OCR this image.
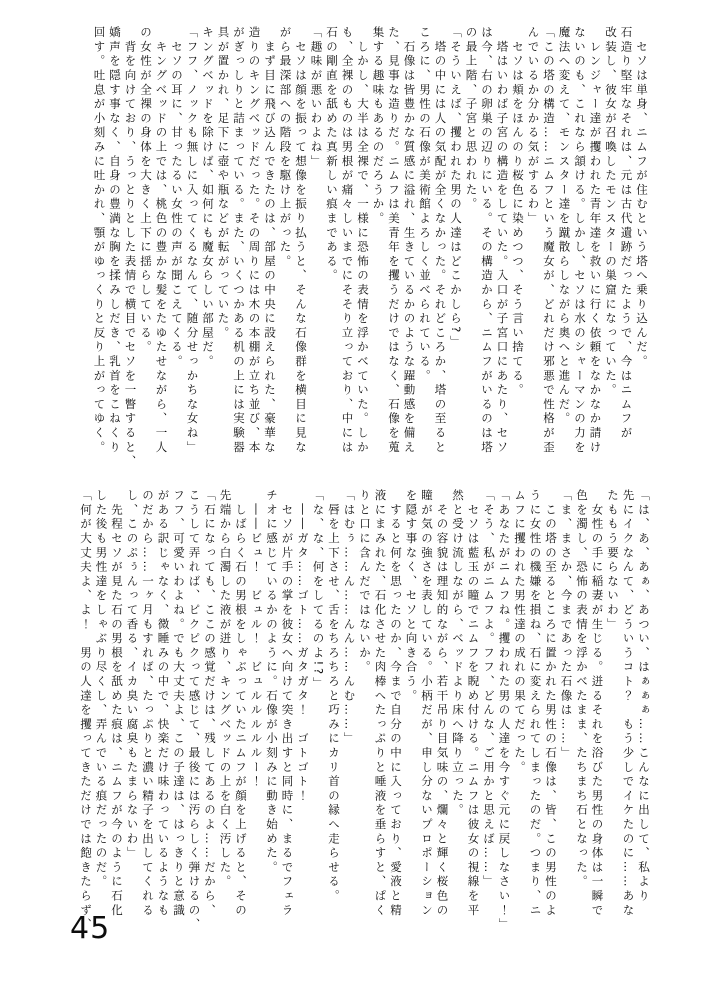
　セソは単身、ニムフが住むという塔へ乗り込んだ。
石造り堅牢なそれは、元は古代遺跡だったようで、今はニムフが
改装し、彼女が召喚したモンスターの巣窟になっていた。
　レンジャー達が攫われた青年達を救いに行く依頼をなかなか請け
ないのも、これなら頷ける。しかし、セソは水のシャーマンの力を
魔法へ変えて、モンスター達を蹴散らしながら奥へと進んだ。
「この塔の構造……ニムフという魔女が、どれだけ邪悪で性格が歪
んでいるか分かる気がするわ」
　セソは頬をほんのり桜色に染めつつ、そう言い捨てる。
　塔はいわば子宮の構造をしていた。入口が子宮口にあたり、セソ
は今、右の卵巣の辺りにいる。その構造から、ニムフがいるのは塔
の最上階、子宮と思われた。
「そういえば、攫われた男の人達はどこかしら?」
　塔の中には人の気配が全くなかった。それどころか、塔の至ると
ころに、男性の石像が美術館よろしく並べられている。
　石像は皆豊かな質感に溢れ、生きているかのような躍動感を備え
た、見事な造りだ。ニムフは美青年を攫うだけではなく、石像を蒐
集する趣味もあるのだろうか。
　しかし、大半は全裸で、一様に恐怖の表情を浮かべていた。しか
も、全裸のものは男根が痛々しいまでにそそり立っており、中には
石の剛直を舐めた真新しい痕まである。
「趣味が悪いわよね」
　セソは顔を振って想像を振り払うと、そんな石像群を横目に見な
がら最深部への階段を駆け上がった。
　まず目に飛び込んできたのは、部屋の中央に設えられた、豪華な
造りのキングベッドだった。その周りには木の本棚が立ち並び、本
がぎっしりと詰まっている。また、いくつかある机の上には実験器
具が置かれ、足下に壺や瓶などが転がっていた。
キングベッドを除けば、如何にも魔女らしい部屋だ。
「フフ、ノックも無しに入ってくるなんて、随分せっかちな女ね」
　セソの耳に、甘ったるい女性の声が聞こえてくる。
　キングベッドの上では、桃色の豊かな髪をたゆたせながら、一人
の女性が全裸の身体を大きく上下に揺らしている。
　背を向けており、うっとりとした表情で横目でセソを一瞥すると、
嬌声を隠す事なく、自身の豊満な胸を揉みしだき、乳首をこねくり
回す。吐息が小刻みに吐かれ、顎がゆっくりと反り上がってゆく。
「は、あ、あぁ、あつい、はぁぁぁ……こんなに出して、私より
先にイクなんて、どういうコト？　もう少しでイケたのに……あな
たももう要らないわ」
　女性の手に稲妻が生じる。迸るそれを浴びた男性の身体は一瞬で
色を濁し、恐怖の表情を浮かべたまま、たちまち石となった。
「ま、まさか、今まであった石像は……」
　この塔の至るところに置かれた男性の石像は、皆、この男性のよ
うに女性の機嫌を損ね、石に変えられてしまったのだ。つまり、ニ
ムフに攫われた男性達の成れの果てだった。
「あなたがニムフね。攫われた男の人達を今すぐ元に戻しなさい！」
「そう、私がニムフよ。フフ、どんな、ご用かと思えば……」
　セソは藍玉の瞳でニムフを睨め付ける。ニムフは彼女の視線を平
然と受け流しながら、ベッドより床へ降り立った。
　その容貌は理知的ながら、若干吊り目気味の、爛々と輝く桜色の
瞳が気の強さを表している。小柄だが、申し分ないプロポーション
を隠す事なく、セソと向き合う。
　すると何を思ったのか、今まで自分の中に入っており、愛液と精
液にまみれた、石化させた肉棒へたっぷりと唾液を垂らすと、ぱく
りと口に含んだではないか。
「はむぅ……ん……んん……んむ……」
　唇を上下させ、舌をちろちろと巧みにカリ首の縁へ走らせる。
「な、な、何をしてるのよ!?」
　――ガタ……ゴト……ガタガタ！　ゴトゴト！
　セソが片手の掌を彼女へ向けて突き出すと同時に、まるでフェラ
チオに感じているかのように。石像が小刻みに動き始めた。
　――ビュ！　ビュル！　ビュルルルルルー！
　しばらく石の男根をしゃぶっていたニムフが顔を上げると、その
先端から白濁した液が迸り、キングベッドの上を白く汚した。
「石になっても、ここの感覚だけは、残してあるのよ……だから、
こうして弄れば、ピクピクって感じて、最後には汚らしく弾けるの、
フフ、可愛いわよね。でも大丈夫よ、この子達は、はっきりと意識
がある訳じゃなく、微睡みの中で、快楽だけ味わっているようなも
のだから……一ヶ月もすれば、たっぷりと濃い精子を出してくれる
し、このぷぅんって香る、イカ臭い腐臭もたまらないわ」
　先程セソが見た石の男根を舐めた痕は、ニムフが今のように石化
した後も男性達をしゃぶり尽くし、弄んでいる痕だったのだ。
「何が大丈夫よ、よ！　男の人達を攫ってきただけでは飽きたらず、
45
